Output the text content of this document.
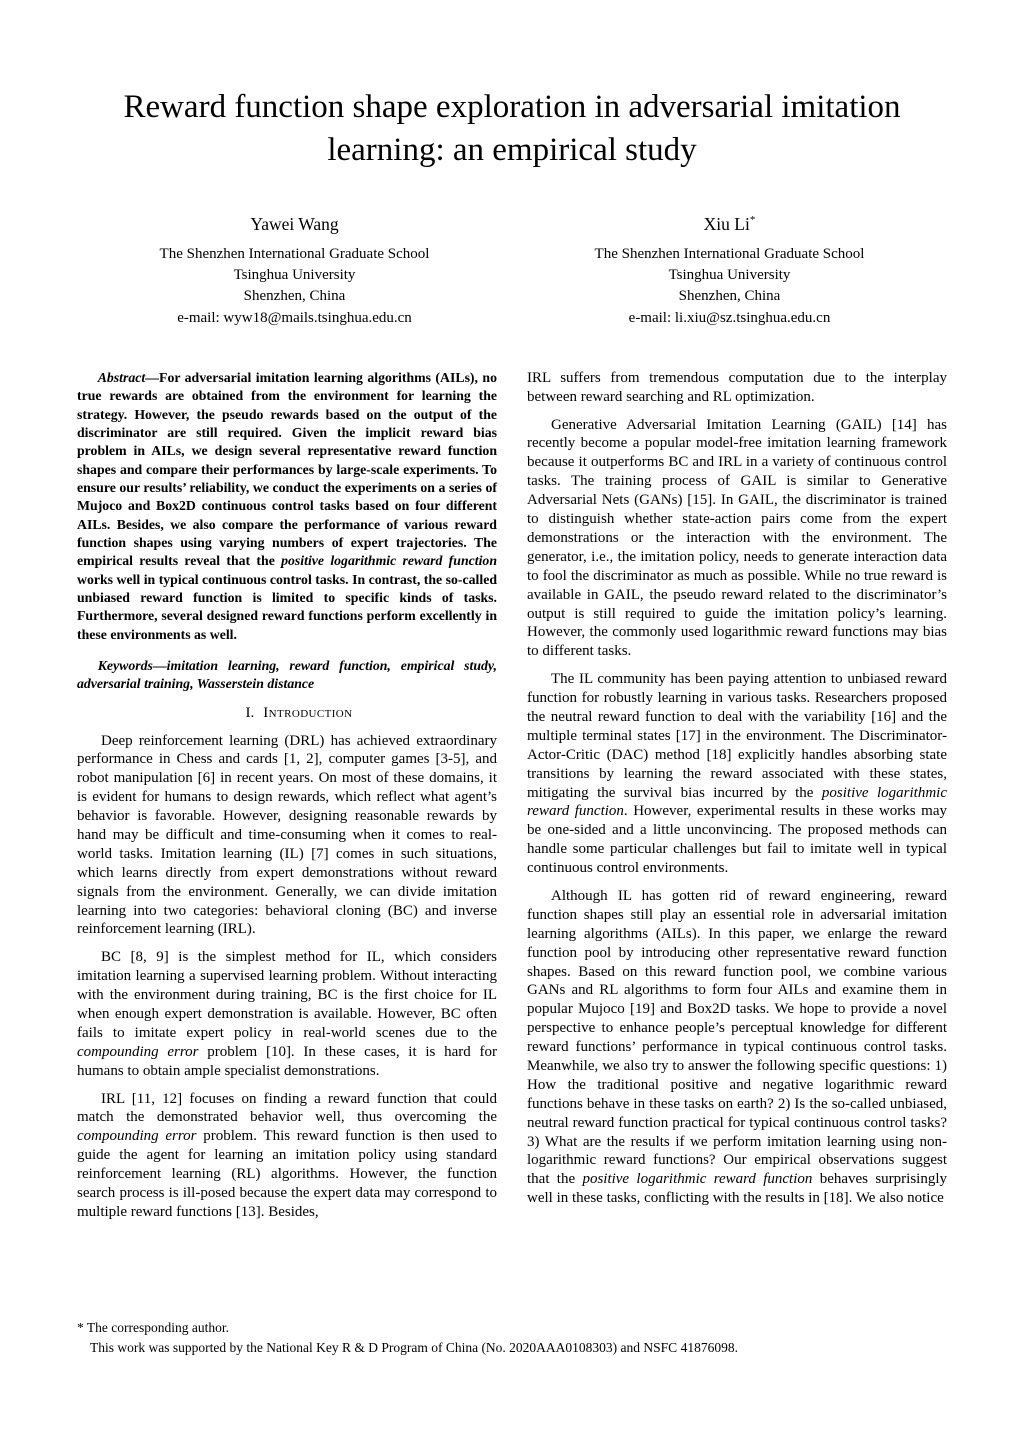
Reward function shape exploration in adversarial imitation learning: an empirical study
Yawei Wang
The Shenzhen International Graduate School
Tsinghua University
Shenzhen, China
e-mail: wyw18@mails.tsinghua.edu.cn
Xiu Li*
The Shenzhen International Graduate School
Tsinghua University
Shenzhen, China
e-mail: li.xiu@sz.tsinghua.edu.cn

Abstract—For adversarial imitation learning algorithms (AILs), no true rewards are obtained from the environment for learning the strategy. However, the pseudo rewards based on the output of the discriminator are still required. Given the implicit reward bias problem in AILs, we design several representative reward function shapes and compare their performances by large-scale experiments. To ensure our results’ reliability, we conduct the experiments on a series of Mujoco and Box2D continuous control tasks based on four different AILs. Besides, we also compare the performance of various reward function shapes using varying numbers of expert trajectories. The empirical results reveal that the positive logarithmic reward function works well in typical continuous control tasks. In contrast, the so-called unbiased reward function is limited to specific kinds of tasks. Furthermore, several designed reward functions perform excellently in these environments as well.

Keywords—imitation learning, reward function, empirical study, adversarial training, Wasserstein distance

I. Introduction

Deep reinforcement learning (DRL) has achieved extraordinary performance in Chess and cards [1, 2], computer games [3-5], and robot manipulation [6] in recent years. On most of these domains, it is evident for humans to design rewards, which reflect what agent’s behavior is favorable. However, designing reasonable rewards by hand may be difficult and time-consuming when it comes to real-world tasks. Imitation learning (IL) [7] comes in such situations, which learns directly from expert demonstrations without reward signals from the environment. Generally, we can divide imitation learning into two categories: behavioral cloning (BC) and inverse reinforcement learning (IRL).

BC [8, 9] is the simplest method for IL, which considers imitation learning a supervised learning problem. Without interacting with the environment during training, BC is the first choice for IL when enough expert demonstration is available. However, BC often fails to imitate expert policy in real-world scenes due to the compounding error problem [10]. In these cases, it is hard for humans to obtain ample specialist demonstrations.

IRL [11, 12] focuses on finding a reward function that could match the demonstrated behavior well, thus overcoming the compounding error problem. This reward function is then used to guide the agent for learning an imitation policy using standard reinforcement learning (RL) algorithms. However, the function search process is ill-posed because the expert data may correspond to multiple reward functions [13]. Besides,

IRL suffers from tremendous computation due to the interplay between reward searching and RL optimization.

Generative Adversarial Imitation Learning (GAIL) [14] has recently become a popular model-free imitation learning framework because it outperforms BC and IRL in a variety of continuous control tasks. The training process of GAIL is similar to Generative Adversarial Nets (GANs) [15]. In GAIL, the discriminator is trained to distinguish whether state-action pairs come from the expert demonstrations or the interaction with the environment. The generator, i.e., the imitation policy, needs to generate interaction data to fool the discriminator as much as possible. While no true reward is available in GAIL, the pseudo reward related to the discriminator’s output is still required to guide the imitation policy’s learning. However, the commonly used logarithmic reward functions may bias to different tasks.

The IL community has been paying attention to unbiased reward function for robustly learning in various tasks. Researchers proposed the neutral reward function to deal with the variability [16] and the multiple terminal states [17] in the environment. The Discriminator-Actor-Critic (DAC) method [18] explicitly handles absorbing state transitions by learning the reward associated with these states, mitigating the survival bias incurred by the positive logarithmic reward function. However, experimental results in these works may be one-sided and a little unconvincing. The proposed methods can handle some particular challenges but fail to imitate well in typical continuous control environments.

Although IL has gotten rid of reward engineering, reward function shapes still play an essential role in adversarial imitation learning algorithms (AILs). In this paper, we enlarge the reward function pool by introducing other representative reward function shapes. Based on this reward function pool, we combine various GANs and RL algorithms to form four AILs and examine them in popular Mujoco [19] and Box2D tasks. We hope to provide a novel perspective to enhance people’s perceptual knowledge for different reward functions’ performance in typical continuous control tasks. Meanwhile, we also try to answer the following specific questions: 1) How the traditional positive and negative logarithmic reward functions behave in these tasks on earth? 2) Is the so-called unbiased, neutral reward function practical for typical continuous control tasks? 3) What are the results if we perform imitation learning using non-logarithmic reward functions? Our empirical observations suggest that the positive logarithmic reward function behaves surprisingly well in these tasks, conflicting with the results in [18]. We also notice

* The corresponding author.
This work was supported by the National Key R & D Program of China (No. 2020AAA0108303) and NSFC 41876098.
